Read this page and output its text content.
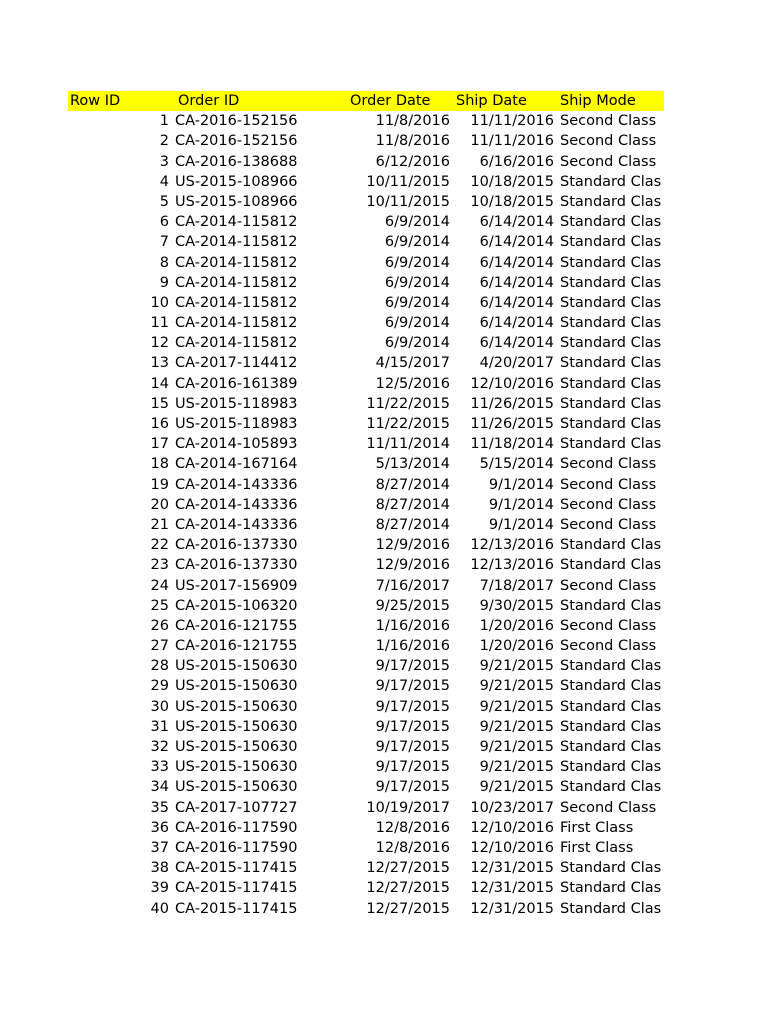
Row ID	Order ID	Order Date	Ship Date	Ship Mode
1 CA-2016-152156	11/8/2016	11/11/2016 Second Class
2 CA-2016-152156	11/8/2016	11/11/2016 Second Class
3 CA-2016-138688	6/12/2016	6/16/2016 Second Class
4 US-2015-108966	10/11/2015	10/18/2015 Standard Clas
5 US-2015-108966	10/11/2015	10/18/2015 Standard Clas
6 CA-2014-115812	6/9/2014	6/14/2014 Standard Clas
7 CA-2014-115812	6/9/2014	6/14/2014 Standard Clas
8 CA-2014-115812	6/9/2014	6/14/2014 Standard Clas
9 CA-2014-115812	6/9/2014	6/14/2014 Standard Clas
10 CA-2014-115812	6/9/2014	6/14/2014 Standard Clas
11 CA-2014-115812	6/9/2014	6/14/2014 Standard Clas
12 CA-2014-115812	6/9/2014	6/14/2014 Standard Clas
13 CA-2017-114412	4/15/2017	4/20/2017 Standard Clas
14 CA-2016-161389	12/5/2016	12/10/2016 Standard Clas
15 US-2015-118983	11/22/2015	11/26/2015 Standard Clas
16 US-2015-118983	11/22/2015	11/26/2015 Standard Clas
17 CA-2014-105893	11/11/2014	11/18/2014 Standard Clas
18 CA-2014-167164	5/13/2014	5/15/2014 Second Class
19 CA-2014-143336	8/27/2014	9/1/2014 Second Class
20 CA-2014-143336	8/27/2014	9/1/2014 Second Class
21 CA-2014-143336	8/27/2014	9/1/2014 Second Class
22 CA-2016-137330	12/9/2016	12/13/2016 Standard Clas
23 CA-2016-137330	12/9/2016	12/13/2016 Standard Clas
24 US-2017-156909	7/16/2017	7/18/2017 Second Class
25 CA-2015-106320	9/25/2015	9/30/2015 Standard Clas
26 CA-2016-121755	1/16/2016	1/20/2016 Second Class
27 CA-2016-121755	1/16/2016	1/20/2016 Second Class
28 US-2015-150630	9/17/2015	9/21/2015 Standard Clas
29 US-2015-150630	9/17/2015	9/21/2015 Standard Clas
30 US-2015-150630	9/17/2015	9/21/2015 Standard Clas
31 US-2015-150630	9/17/2015	9/21/2015 Standard Clas
32 US-2015-150630	9/17/2015	9/21/2015 Standard Clas
33 US-2015-150630	9/17/2015	9/21/2015 Standard Clas
34 US-2015-150630	9/17/2015	9/21/2015 Standard Clas
35 CA-2017-107727	10/19/2017	10/23/2017 Second Class
36 CA-2016-117590	12/8/2016	12/10/2016 First Class
37 CA-2016-117590	12/8/2016	12/10/2016 First Class
38 CA-2015-117415	12/27/2015	12/31/2015 Standard Clas
39 CA-2015-117415	12/27/2015	12/31/2015 Standard Clas
40 CA-2015-117415	12/27/2015	12/31/2015 Standard Clas
